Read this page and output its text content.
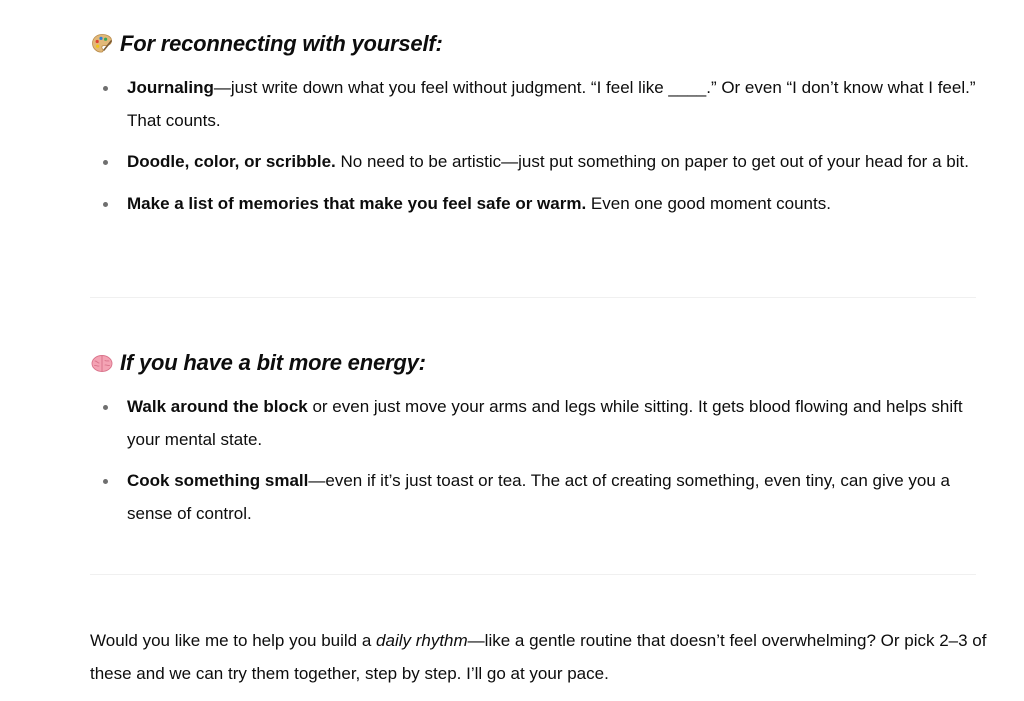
For reconnecting with yourself:
Journaling—just write down what you feel without judgment. “I feel like ____.” Or even “I don’t know what I feel.” That counts.
Doodle, color, or scribble. No need to be artistic—just put something on paper to get out of your head for a bit.
Make a list of memories that make you feel safe or warm. Even one good moment counts.
If you have a bit more energy:
Walk around the block or even just move your arms and legs while sitting. It gets blood flowing and helps shift your mental state.
Cook something small—even if it’s just toast or tea. The act of creating something, even tiny, can give you a sense of control.

Would you like me to help you build a daily rhythm—like a gentle routine that doesn’t feel overwhelming? Or pick 2–3 of these and we can try them together, step by step. I’ll go at your pace.
